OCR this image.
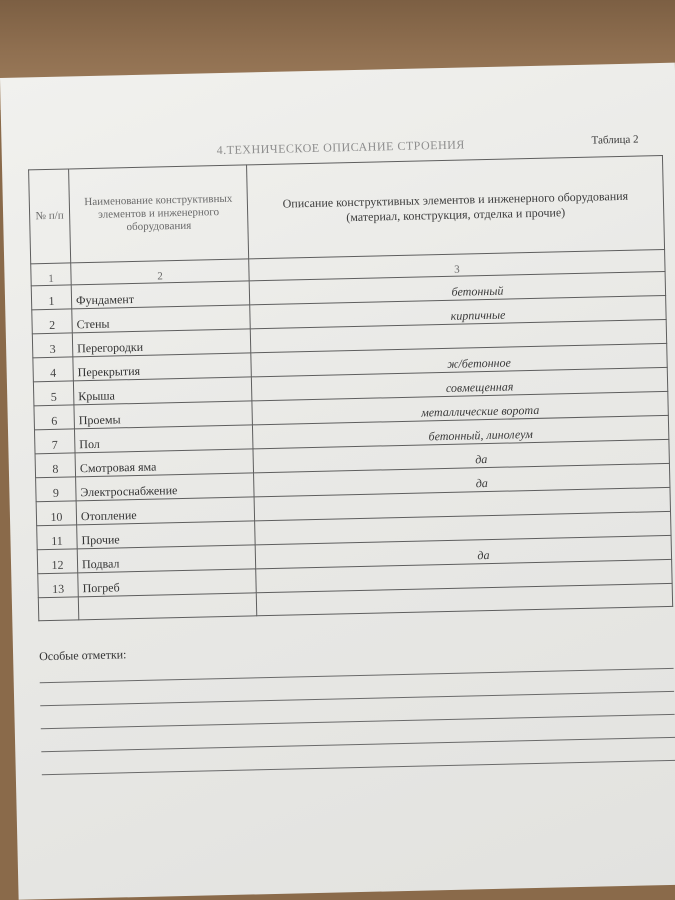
4.ТЕХНИЧЕСКОЕ ОПИСАНИЕ СТРОЕНИЯ	Таблица 2
№ п/п	Наименование конструктивных элементов и инженерного оборудования	Описание конструктивных элементов и инженерного оборудования
(материал, конструкция, отделка и прочие)

1	2	3
1	Фундамент	бетонный
2	Стены	кирпичные
3	Перегородки	
4	Перекрытия	ж/бетонное
5	Крыша	совмещенная
6	Проемы	металлические ворота
7	Пол	бетонный, линолеум
8	Смотровая яма	да
9	Электроснабжение	да
10	Отопление	
11	Прочие	
12	Подвал	да
13	Погреб	

Особые отметки:
